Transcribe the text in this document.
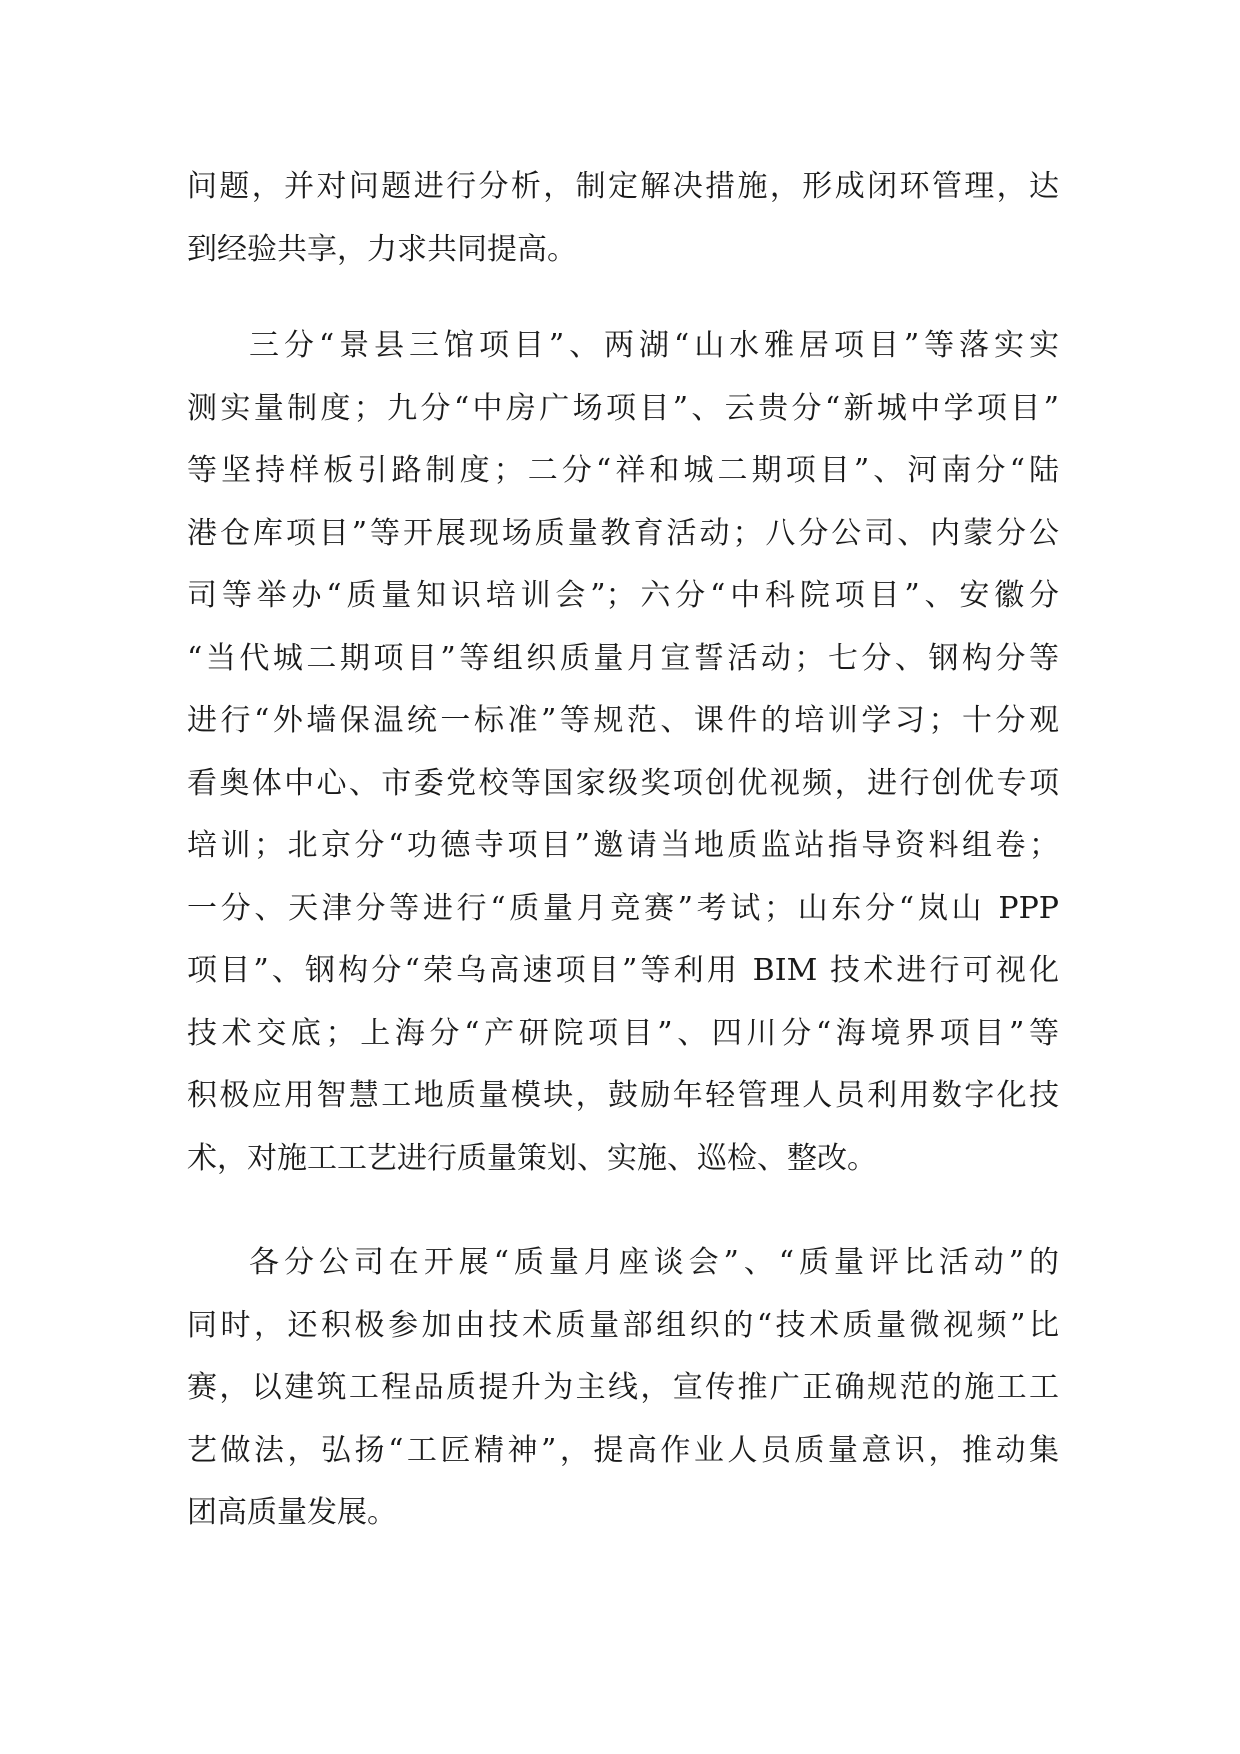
问题，并对问题进行分析，制定解决措施，形成闭环管理，达
到经验共享，力求共同提高。
三分“景县三馆项目”、两湖“山水雅居项目”等落实实
测实量制度；九分“中房广场项目”、云贵分“新城中学项目”
等坚持样板引路制度；二分“祥和城二期项目”、河南分“陆
港仓库项目”等开展现场质量教育活动；八分公司、内蒙分公
司等举办“质量知识培训会”；六分“中科院项目”、安徽分
“当代城二期项目”等组织质量月宣誓活动；七分、钢构分等
进行“外墙保温统一标准”等规范、课件的培训学习；十分观
看奥体中心、市委党校等国家级奖项创优视频，进行创优专项
培训；北京分“功德寺项目”邀请当地质监站指导资料组卷；
一分、天津分等进行“质量月竞赛”考试；山东分“岚山 PPP
项目”、钢构分“荣乌高速项目”等利用 BIM 技术进行可视化
技术交底；上海分“产研院项目”、四川分“海境界项目”等
积极应用智慧工地质量模块，鼓励年轻管理人员利用数字化技
术，对施工工艺进行质量策划、实施、巡检、整改。
各分公司在开展“质量月座谈会”、“质量评比活动”的
同时，还积极参加由技术质量部组织的“技术质量微视频”比
赛，以建筑工程品质提升为主线，宣传推广正确规范的施工工
艺做法，弘扬“工匠精神”，提高作业人员质量意识，推动集
团高质量发展。
